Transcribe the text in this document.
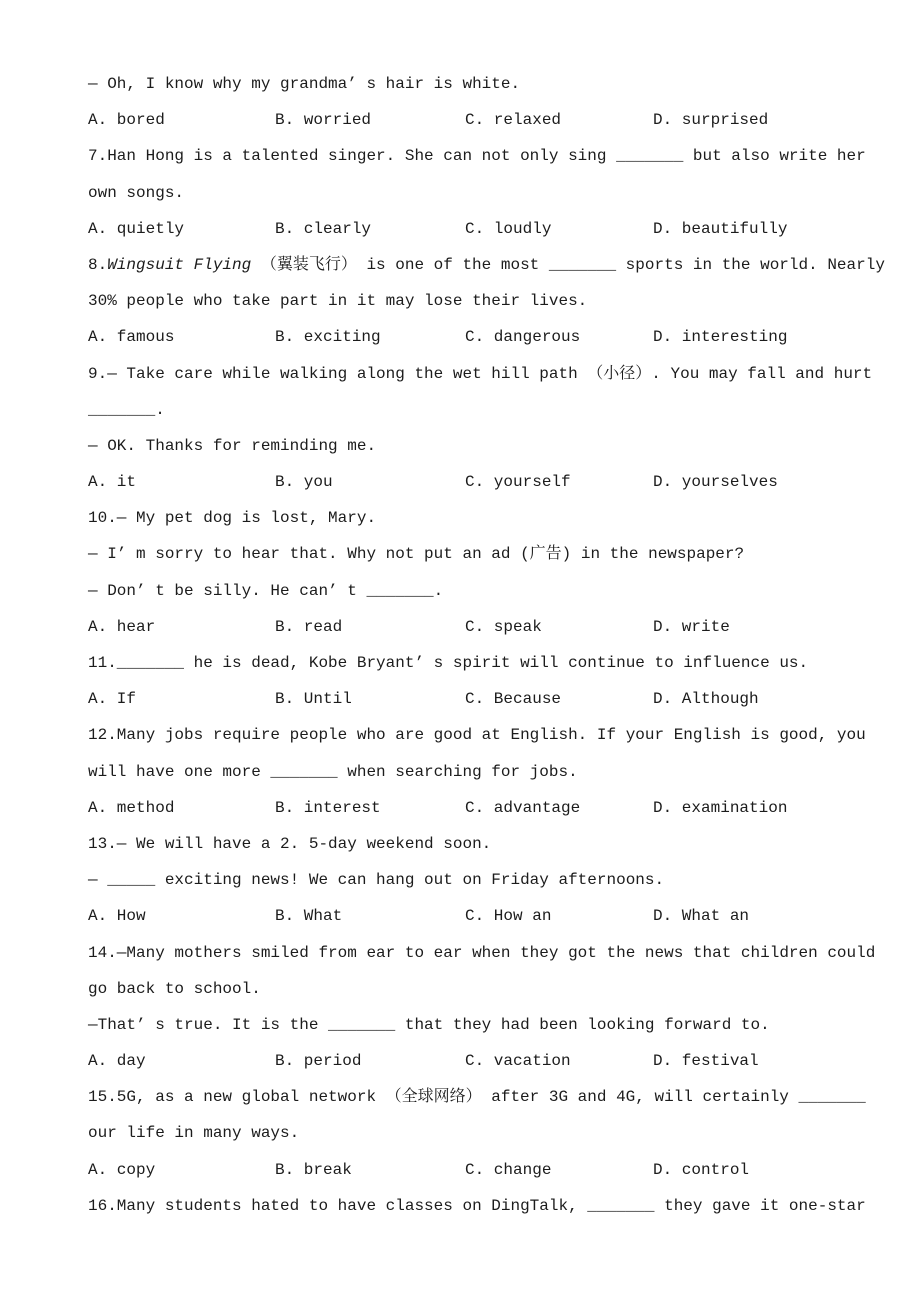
— Oh, I know why my grandma’ s hair is white.

A. bored

	B. worried

	C. relaxed

	D. surprised

7.Han Hong is a talented singer. She can not only sing _______ but also write her
own songs.

A. quietly

	B. clearly

	C. loudly

	D. beautifully

8.Wingsuit Flying （翼装飞行） is one of the most _______ sports in the world. Nearly
30% people who take part in it may lose their lives.

A. famous

	B. exciting

	C. dangerous

	D. interesting

9.— Take care while walking along the wet hill path （小径）. You may fall and hurt
_______.
— OK. Thanks for reminding me.

A. it

	B. you

	C. yourself

	D. yourselves

10.— My pet dog is lost, Mary.
— I’ m sorry to hear that. Why not put an ad (广告) in the newspaper?
— Don’ t be silly. He can’ t _______.

A. hear

	B. read

	C. speak

	D. write

11._______ he is dead, Kobe Bryant’ s spirit will continue to influence us.

A. If

	B. Until

	C. Because

	D. Although

12.Many jobs require people who are good at English. If your English is good, you
will have one more _______ when searching for jobs.

A. method

	B. interest

	C. advantage

	D. examination

13.— We will have a 2. 5-day weekend soon.
— _____ exciting news! We can hang out on Friday afternoons.

A. How

	B. What

	C. How an

	D. What an

14.—Many mothers smiled from ear to ear when they got the news that children could
go back to school.
—That’ s true. It is the _______ that they had been looking forward to.

A. day

	B. period

	C. vacation

	D. festival

15.5G, as a new global network （全球网络） after 3G and 4G, will certainly _______
our life in many ways.

A. copy

	B. break

	C. change

	D. control

16.Many students hated to have classes on DingTalk, _______ they gave it one-star
